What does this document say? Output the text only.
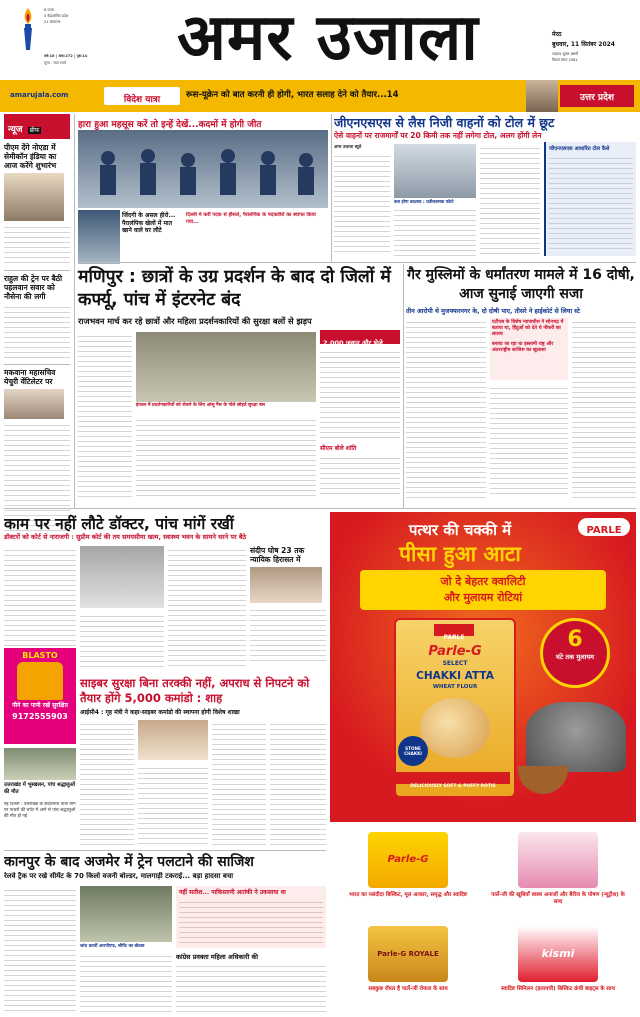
6 राज्य
3 केंद्रशासित प्रदेश
21 संस्करण
वर्ष:16 | अंक:272 | पृष्ठ:14
मूल्य : सात रुपये	अमर उजाला	मेरठ
बुधवार, 11 सितंबर 2024
भाद्रपद शुक्ल अष्टमी
विक्रम संवत 2081
amarujala.com	विदेश यात्रा	रूस-यूक्रेन को बात करनी ही होगी, भारत सलाह देने को तैयार...14	उत्तर प्रदेश
न्यूज ब्रीफ
पीएम देंगे नोएडा में सेमीकॉन इंडिया का आज करेंगे शुभारंभ
राहुल की ट्रेन पर बैठी पहलवान सवार को नौसेना की लगी
मकवाना महासचिव येचुरी वेंटिलेटर पर
हारा हुआ महसूस करें तो इन्हें देखें...कदमों में होगी जीत
जिंदगी के असल हीरो... पैरालंपिक खेलों में मात खाने वाले घर लौटे
दिल्ली में करीं पदक से हौसले, पैरालंपिक के पदकवीरों का स्वागत किया गया...
जीएनएसएस से लैस निजी वाहनों को टोल में छूट
ऐसे वाहनों पर राजमार्गों पर 20 किमी तक नहीं लगेगा टोल, अलग होंगी लेन
अमर उजाला ब्यूरो
कब होगा बदलाव : प्रतीकात्मक फोटो
जीएनएसएस आधारित टोल कैसे
मणिपुर : छात्रों के उग्र प्रदर्शन के बाद दो जिलों में कर्फ्यू, पांच में इंटरनेट बंद
राजभवन मार्च कर रहे छात्रों और महिला प्रदर्शनकारियों की सुरक्षा बलों से झड़प
इंफाल में प्रदर्शनकारियों को रोकने के लिए आंसू गैस के गोले छोड़ते सुरक्षा बल
2,000 जवान और भेजे
सीएम बोले शांति
गैर मुस्लिमों के धर्मांतरण मामले में 16 दोषी, आज सुनाई जाएगी सजा
तीन आरोपी थे मुजफ्फरनगर के, दो दोषी पाए, तीसरे ने हाईकोर्ट से लिया स्टे
एटीएस के विशेष न्यायाधीश ने सोनभद्र में बताया था, हिंदुओं को देते थे नौकरी का लालच
बनाया जा रहा था इस्लामी राष्ट्र और अंतरराष्ट्रीय साजिश का खुलासा
काम पर नहीं लौटे डॉक्टर, पांच मांगें रखीं
डॉक्टरों को कोर्ट से नाराजगी : सुप्रीम कोर्ट की तय समयसीमा खत्म, स्वास्थ्य भवन के सामने धरने पर बैठे
संदीप घोष 23 तक न्यायिक हिरासत में
BLASTO
पीने का पानी रखें सुरक्षित
9172555903
उत्तराखंड में भूस्खलन, पांच श्रद्धालुओं की मौत
नई दिल्ली : उत्तराखंड के केदारनाथ यात्रा मार्ग पर पत्थरों की चपेट में आने से पांच श्रद्धालुओं की मौत हो गई
साइबर सुरक्षा बिना तरक्की नहीं, अपराध से निपटने को तैयार होंगे 5,000 कमांडो : शाह
आईसी4 : गृह मंत्री ने कहा-साइबर कमांडो की स्थापना होगी विशेष शाखा
कानपुर के बाद अजमेर में ट्रेन पलटाने की साजिश
रेलवे ट्रैक पर रखे सीमेंट के 70 किलो वजनी बोल्डर, मालगाड़ी टकराई... बड़ा हादसा बचा
जांच करतीं आरपीएफ, सीमेंट का बोल्डर
नहीं सतीश... पाकिस्तानी आतंकी ने उकसाया था
कांग्रेस प्रवक्ता महिला अधिकारी की
PARLE
पत्थर की चक्की में
पीसा हुआ आटा
जो दे बेहतर क्वालिटी
और मुलायम रोटियां
PARLE
Parle-G
SELECT
CHAKKI ATTA
WHEAT FLOUR
STONE CHAKKI
DELICIOUSLY SOFT & PUFFY ROTIS
6
घंटे तक मुलायम
Parle-G
भारत का पसंदीदा बिस्किट, मूल आकार, समृद्ध और स्वादिष्ट	पार्ले-जी की खूबियाँ स्वस्थ अनाजों और बैरीज के पोषण (न्यूट्रीश) के साथ
Parle-G ROYALE
सबकुछ रॉयल है पार्ले-जी रोयाल के साथ
kismi
स्वादिष्ट सिमिलन (इलायची) बिस्किट क्रंची बाइट्स के साथ
